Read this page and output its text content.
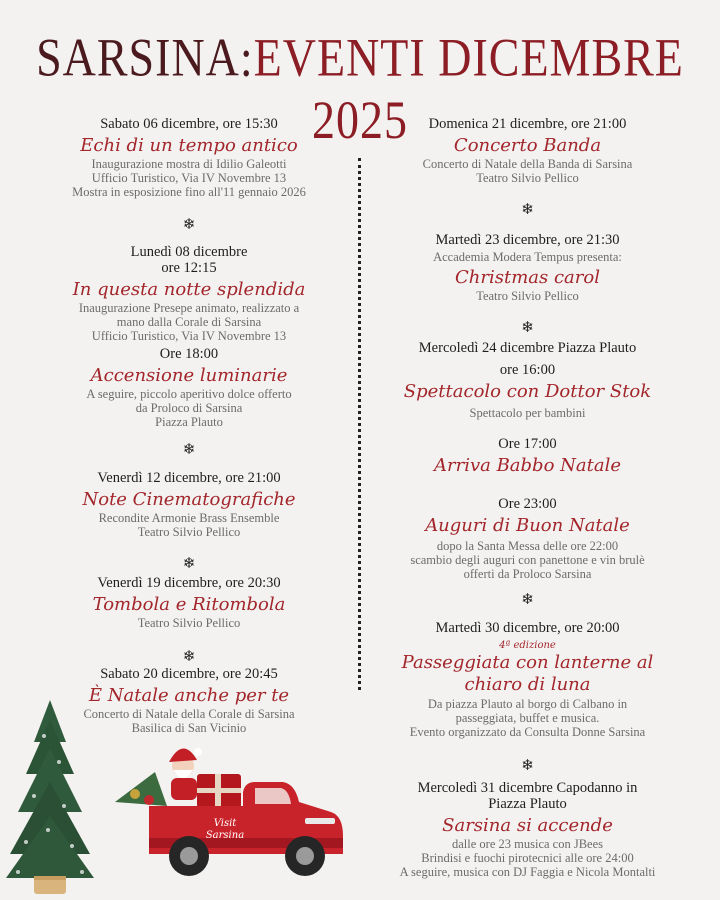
SARSINA:EVENTI DICEMBRE 2025
Sabato 06 dicembre, ore 15:30
Echi di un tempo antico
Inaugurazione mostra di Idilio Galeotti
Ufficio Turistico, Via IV Novembre 13
Mostra in esposizione fino all'11 gennaio 2026
❄
Lunedì 08 dicembre
ore 12:15
In questa notte splendida
Inaugurazione Presepe animato, realizzato a
mano dalla Corale di Sarsina
Ufficio Turistico, Via IV Novembre 13
Ore 18:00
Accensione luminarie
A seguire, piccolo aperitivo dolce offerto
da Proloco di Sarsina
Piazza Plauto
❄
Venerdì 12 dicembre, ore 21:00
Note Cinematografiche
Recondite Armonie Brass Ensemble
Teatro Silvio Pellico
❄
Venerdì 19 dicembre, ore 20:30
Tombola e Ritombola
Teatro Silvio Pellico
❄
Sabato 20 dicembre, ore 20:45
È Natale anche per te
Concerto di Natale della Corale di Sarsina
Basilica di San Vicinio
Domenica 21 dicembre, ore 21:00
Concerto Banda
Concerto di Natale della Banda di Sarsina
Teatro Silvio Pellico
❄
Martedì 23 dicembre, ore 21:30
Accademia Modera Tempus presenta:
Christmas carol
Teatro Silvio Pellico
❄
Mercoledì 24 dicembre Piazza Plauto
ore 16:00
Spettacolo con Dottor Stok
Spettacolo per bambini
Ore 17:00
Arriva Babbo Natale
Ore 23:00
Auguri di Buon Natale
dopo la Santa Messa delle ore 22:00
scambio degli auguri con panettone e vin brulè
offerti da Proloco Sarsina
❄
Martedì 30 dicembre, ore 20:00
4ª edizione
Passeggiata con lanterne al
chiaro di luna
Da piazza Plauto al borgo di Calbano in
passeggiata, buffet e musica.
Evento organizzato da Consulta Donne Sarsina
❄
Mercoledì 31 dicembre Capodanno in
Piazza Plauto
Sarsina si accende
dalle ore 23 musica con JBees
Brindisi e fuochi pirotecnici alle ore 24:00
A seguire, musica con DJ Faggia e Nicola Montalti
Visit
Sarsina
